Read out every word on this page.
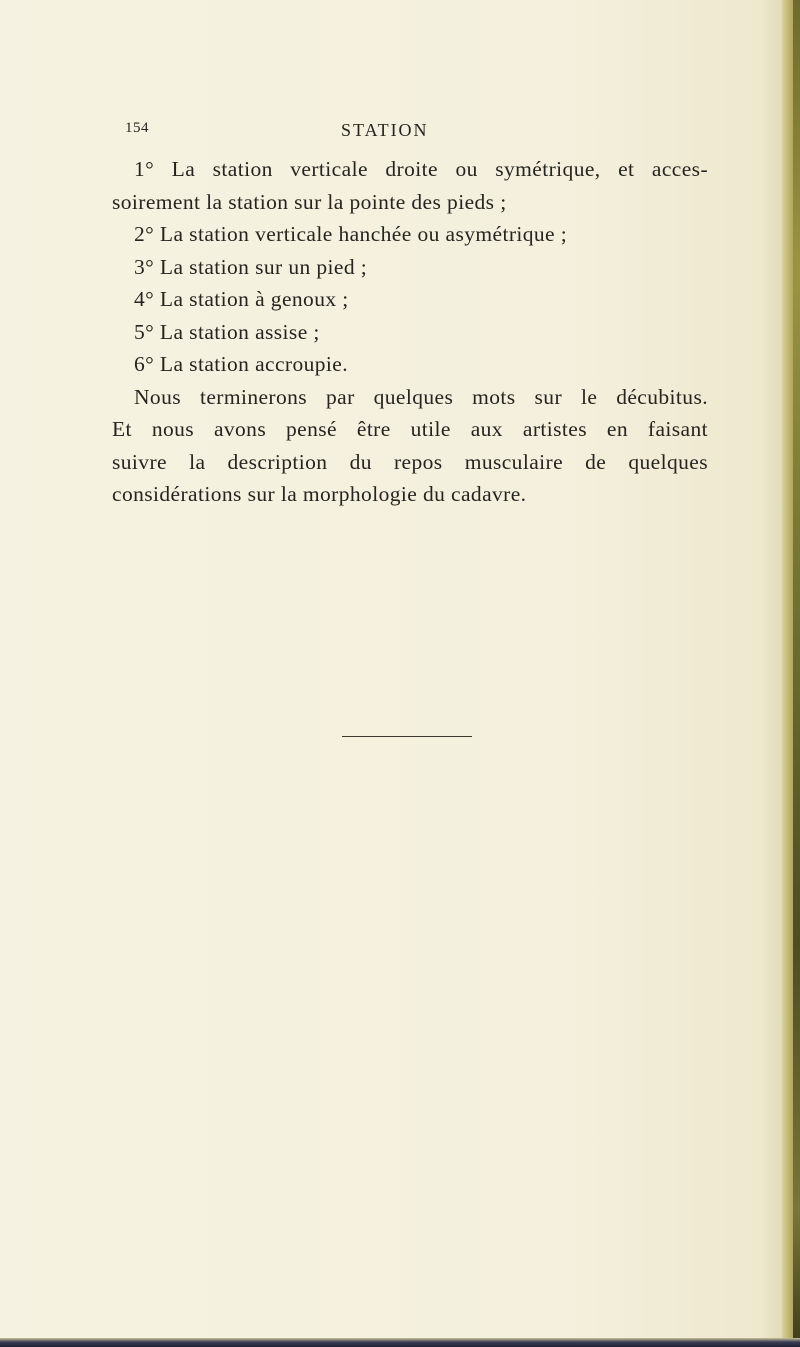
154	STATION
1° La station verticale droite ou symétrique, et acces-
soirement la station sur la pointe des pieds ;
2° La station verticale hanchée ou asymétrique ;
3° La station sur un pied ;
4° La station à genoux ;
5° La station assise ;
6° La station accroupie.
Nous terminerons par quelques mots sur le décubitus.
Et nous avons pensé être utile aux artistes en faisant
suivre la description du repos musculaire de quelques
considérations sur la morphologie du cadavre.
